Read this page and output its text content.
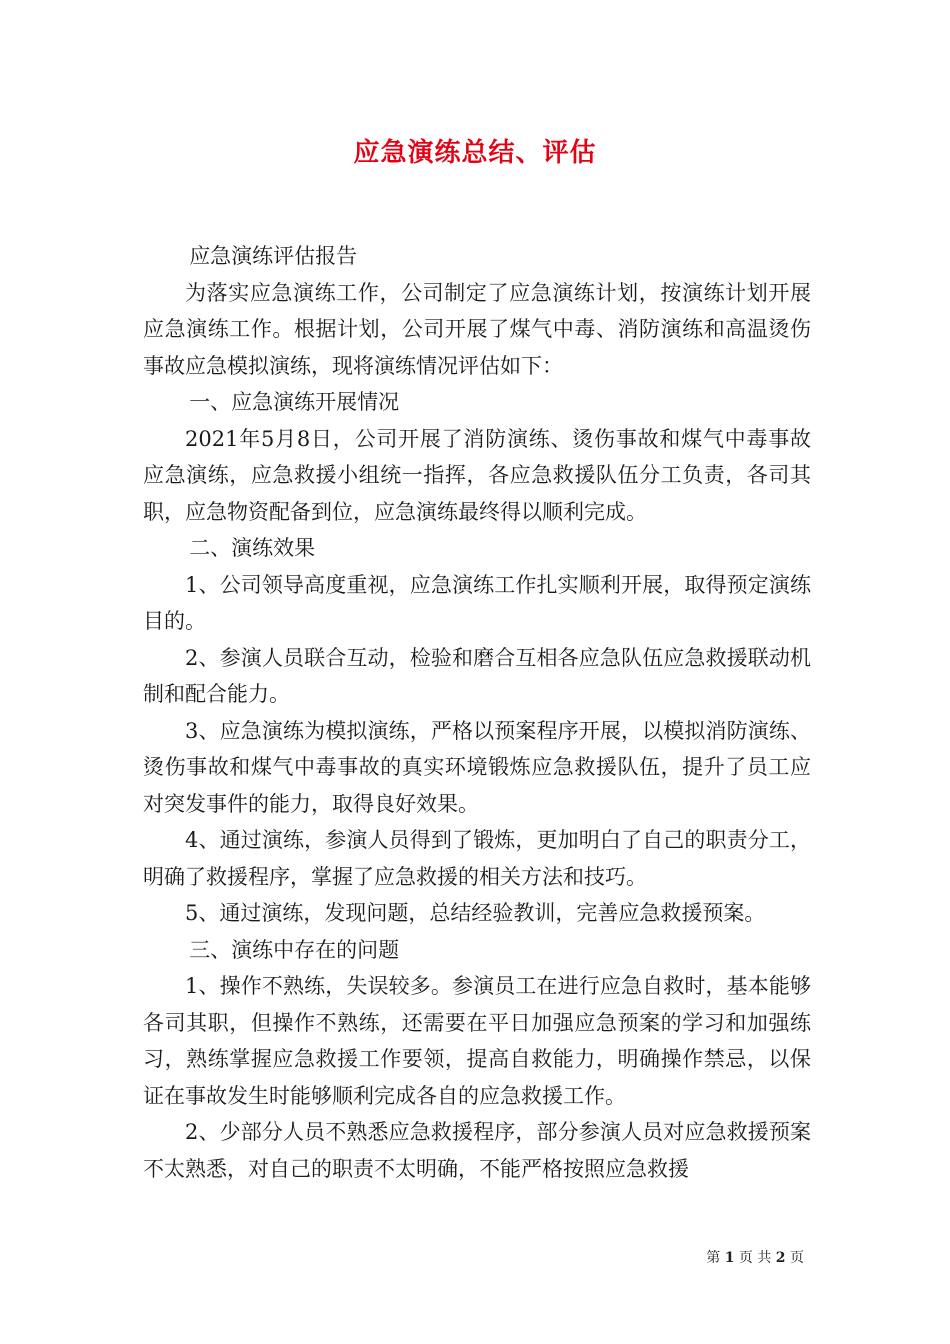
应急演练总结、评估

应急演练评估报告

为落实应急演练工作，公司制定了应急演练计划，按演练计划开展应急演练工作。根据计划，公司开展了煤气中毒、消防演练和高温烫伤事故应急模拟演练，现将演练情况评估如下：

一、应急演练开展情况

2021年5月8日，公司开展了消防演练、烫伤事故和煤气中毒事故应急演练，应急救援小组统一指挥，各应急救援队伍分工负责，各司其职，应急物资配备到位，应急演练最终得以顺利完成。

二、演练效果

1、公司领导高度重视，应急演练工作扎实顺利开展，取得预定演练目的。

2、参演人员联合互动，检验和磨合互相各应急队伍应急救援联动机制和配合能力。

3、应急演练为模拟演练，严格以预案程序开展，以模拟消防演练、烫伤事故和煤气中毒事故的真实环境锻炼应急救援队伍，提升了员工应对突发事件的能力，取得良好效果。

4、通过演练，参演人员得到了锻炼，更加明白了自己的职责分工，明确了救援程序，掌握了应急救援的相关方法和技巧。

5、通过演练，发现问题，总结经验教训，完善应急救援预案。

三、演练中存在的问题

1、操作不熟练，失误较多。参演员工在进行应急自救时，基本能够各司其职，但操作不熟练，还需要在平日加强应急预案的学习和加强练习，熟练掌握应急救援工作要领，提高自救能力，明确操作禁忌，以保证在事故发生时能够顺利完成各自的应急救援工作。

2、少部分人员不熟悉应急救援程序，部分参演人员对应急救援预案不太熟悉，对自己的职责不太明确，不能严格按照应急救援

第 1 页 共 2 页
